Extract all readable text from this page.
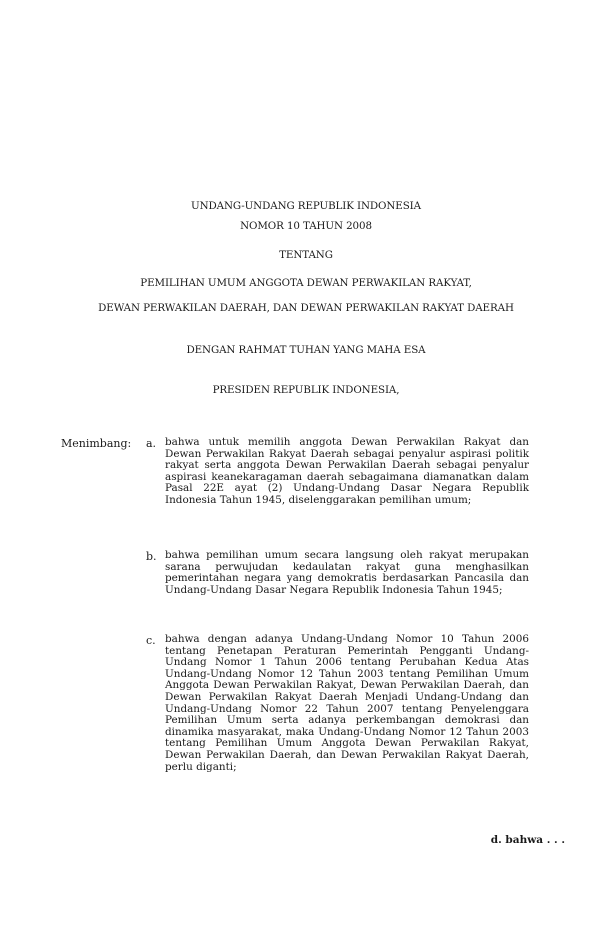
UNDANG-UNDANG REPUBLIK INDONESIA
NOMOR 10 TAHUN 2008
TENTANG
PEMILIHAN UMUM ANGGOTA DEWAN PERWAKILAN RAKYAT,
DEWAN PERWAKILAN DAERAH, DAN DEWAN PERWAKILAN RAKYAT DAERAH
DENGAN RAHMAT TUHAN YANG MAHA ESA
PRESIDEN REPUBLIK INDONESIA,
Menimbang: a. bahwa untuk memilih anggota Dewan Perwakilan Rakyat dan Dewan Perwakilan Rakyat Daerah sebagai penyalur aspirasi politik rakyat serta anggota Dewan Perwakilan Daerah sebagai penyalur aspirasi keanekaragaman daerah sebagaimana diamanatkan dalam Pasal 22E ayat (2) Undang-Undang Dasar Negara Republik Indonesia Tahun 1945, diselenggarakan pemilihan umum;
b. bahwa pemilihan umum secara langsung oleh rakyat merupakan sarana perwujudan kedaulatan rakyat guna menghasilkan pemerintahan negara yang demokratis berdasarkan Pancasila dan Undang-Undang Dasar Negara Republik Indonesia Tahun 1945;
c. bahwa dengan adanya Undang-Undang Nomor 10 Tahun 2006 tentang Penetapan Peraturan Pemerintah Pengganti Undang-Undang Nomor 1 Tahun 2006 tentang Perubahan Kedua Atas Undang-Undang Nomor 12 Tahun 2003 tentang Pemilihan Umum Anggota Dewan Perwakilan Rakyat, Dewan Perwakilan Daerah, dan Dewan Perwakilan Rakyat Daerah Menjadi Undang-Undang dan Undang-Undang Nomor 22 Tahun 2007 tentang Penyelenggara Pemilihan Umum serta adanya perkembangan demokrasi dan dinamika masyarakat, maka Undang-Undang Nomor 12 Tahun 2003 tentang Pemilihan Umum Anggota Dewan Perwakilan Rakyat, Dewan Perwakilan Daerah, dan Dewan Perwakilan Rakyat Daerah, perlu diganti;
d. bahwa . . .
